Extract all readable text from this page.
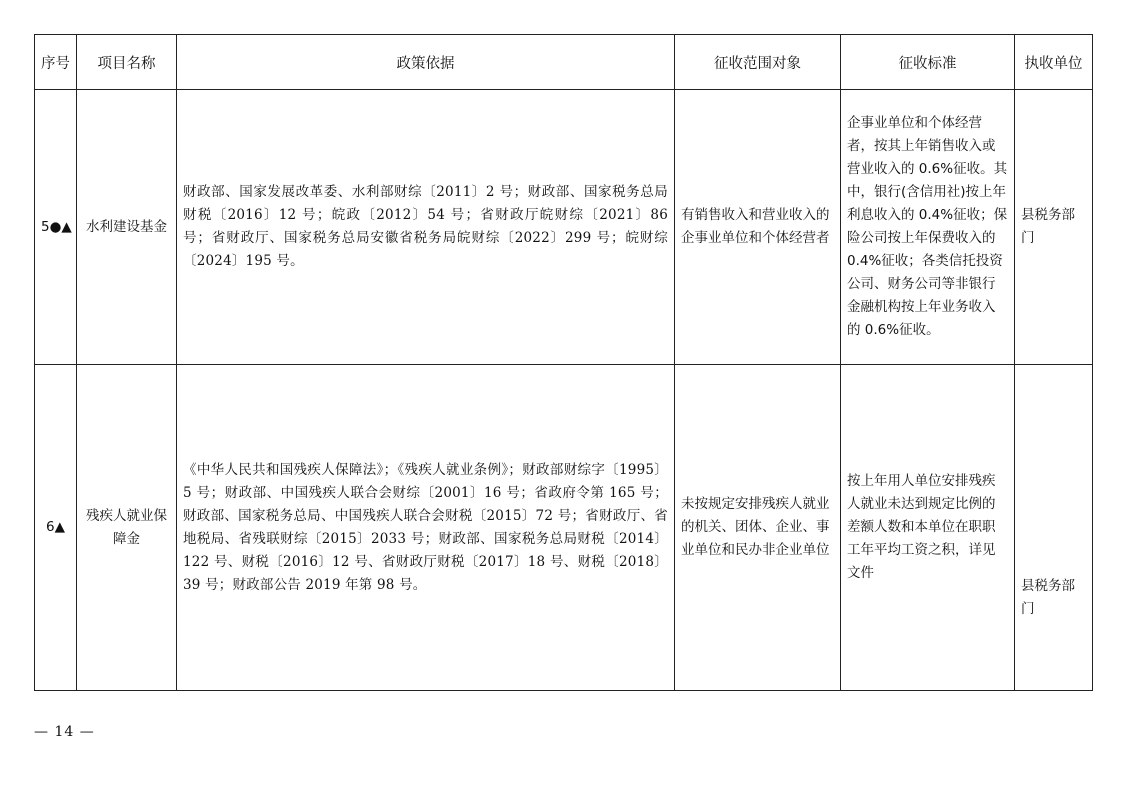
序号	项目名称	政策依据	征收范围对象	征收标准	执收单位
5●▲	水利建设基金	财政部、国家发展改革委、水利部财综〔2011〕2 号；财政部、国家税务总局财税〔2016〕12 号；皖政〔2012〕54 号；省财政厅皖财综〔2021〕86 号；省财政厅、国家税务总局安徽省税务局皖财综〔2022〕299 号；皖财综〔2024〕195 号。	有销售收入和营业收入的企事业单位和个体经营者	企事业单位和个体经营者，按其上年销售收入或营业收入的 0.6%征收。其中，银行(含信用社)按上年利息收入的 0.4%征收；保险公司按上年保费收入的 0.4%征收；各类信托投资公司、财务公司等非银行金融机构按上年业务收入的 0.6%征收。	县税务部门
6▲	残疾人就业保障金	《中华人民共和国残疾人保障法》；《残疾人就业条例》；财政部财综字〔1995〕5 号；财政部、中国残疾人联合会财综〔2001〕16 号；省政府令第 165 号；财政部、国家税务总局、中国残疾人联合会财税〔2015〕72 号；省财政厅、省地税局、省残联财综〔2015〕2033 号；财政部、国家税务总局财税〔2014〕122 号、财税〔2016〕12 号、省财政厅财税〔2017〕18 号、财税〔2018〕39 号；财政部公告 2019 年第 98 号。	未按规定安排残疾人就业的机关、团体、企业、事业单位和民办非企业单位	按上年用人单位安排残疾人就业未达到规定比例的差额人数和本单位在职职工年平均工资之积，详见文件	县税务部门
— 14 —
